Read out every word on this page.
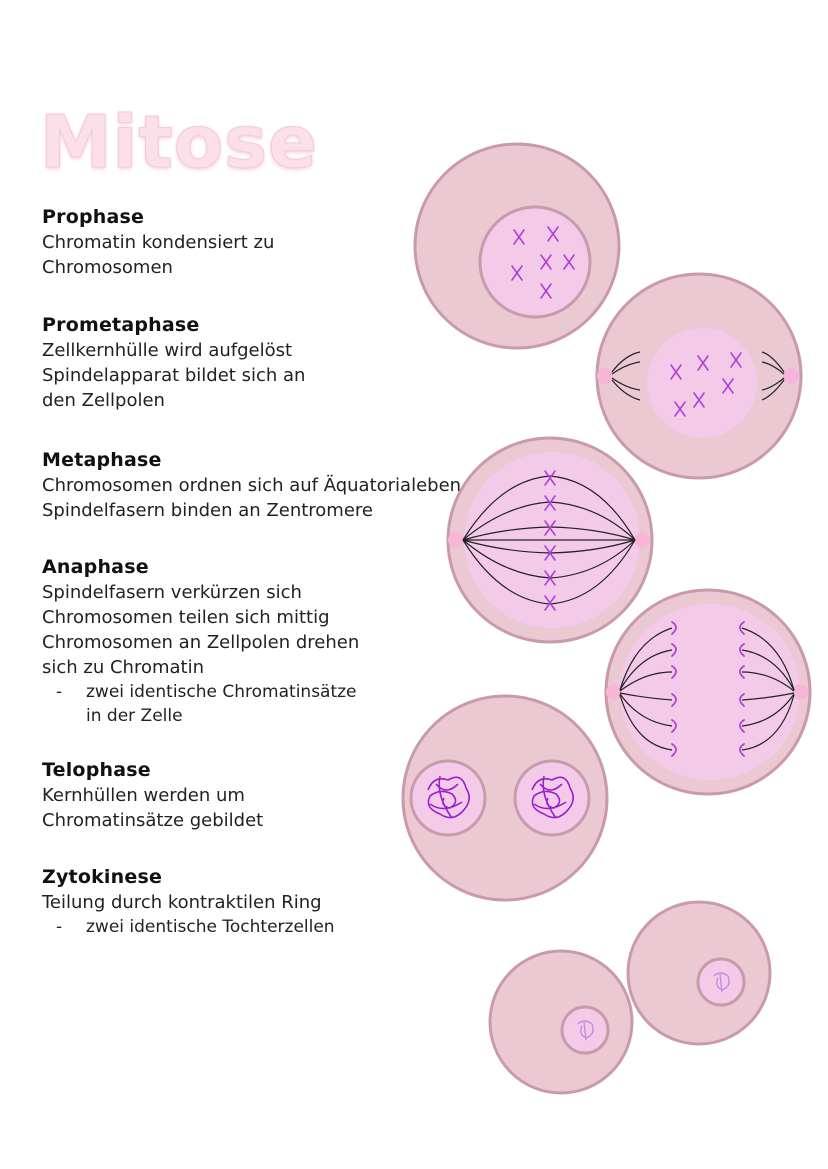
Mitose

Prophase

Chromatin kondensiert zu

Chromosomen

Prometaphase

Zellkernhülle wird aufgelöst

Spindelapparat bildet sich an

den Zellpolen

Metaphase

Chromosomen ordnen sich auf Äquatorialeben

Spindelfasern binden an Zentromere

Anaphase

Spindelfasern verkürzen sich

Chromosomen teilen sich mittig

Chromosomen an Zellpolen drehen

sich zu Chromatin

- zwei identische Chromatinsätze

in der Zelle

Telophase

Kernhüllen werden um

Chromatinsätze gebildet

Zytokinese

Teilung durch kontraktilen Ring

- zwei identische Tochterzellen
